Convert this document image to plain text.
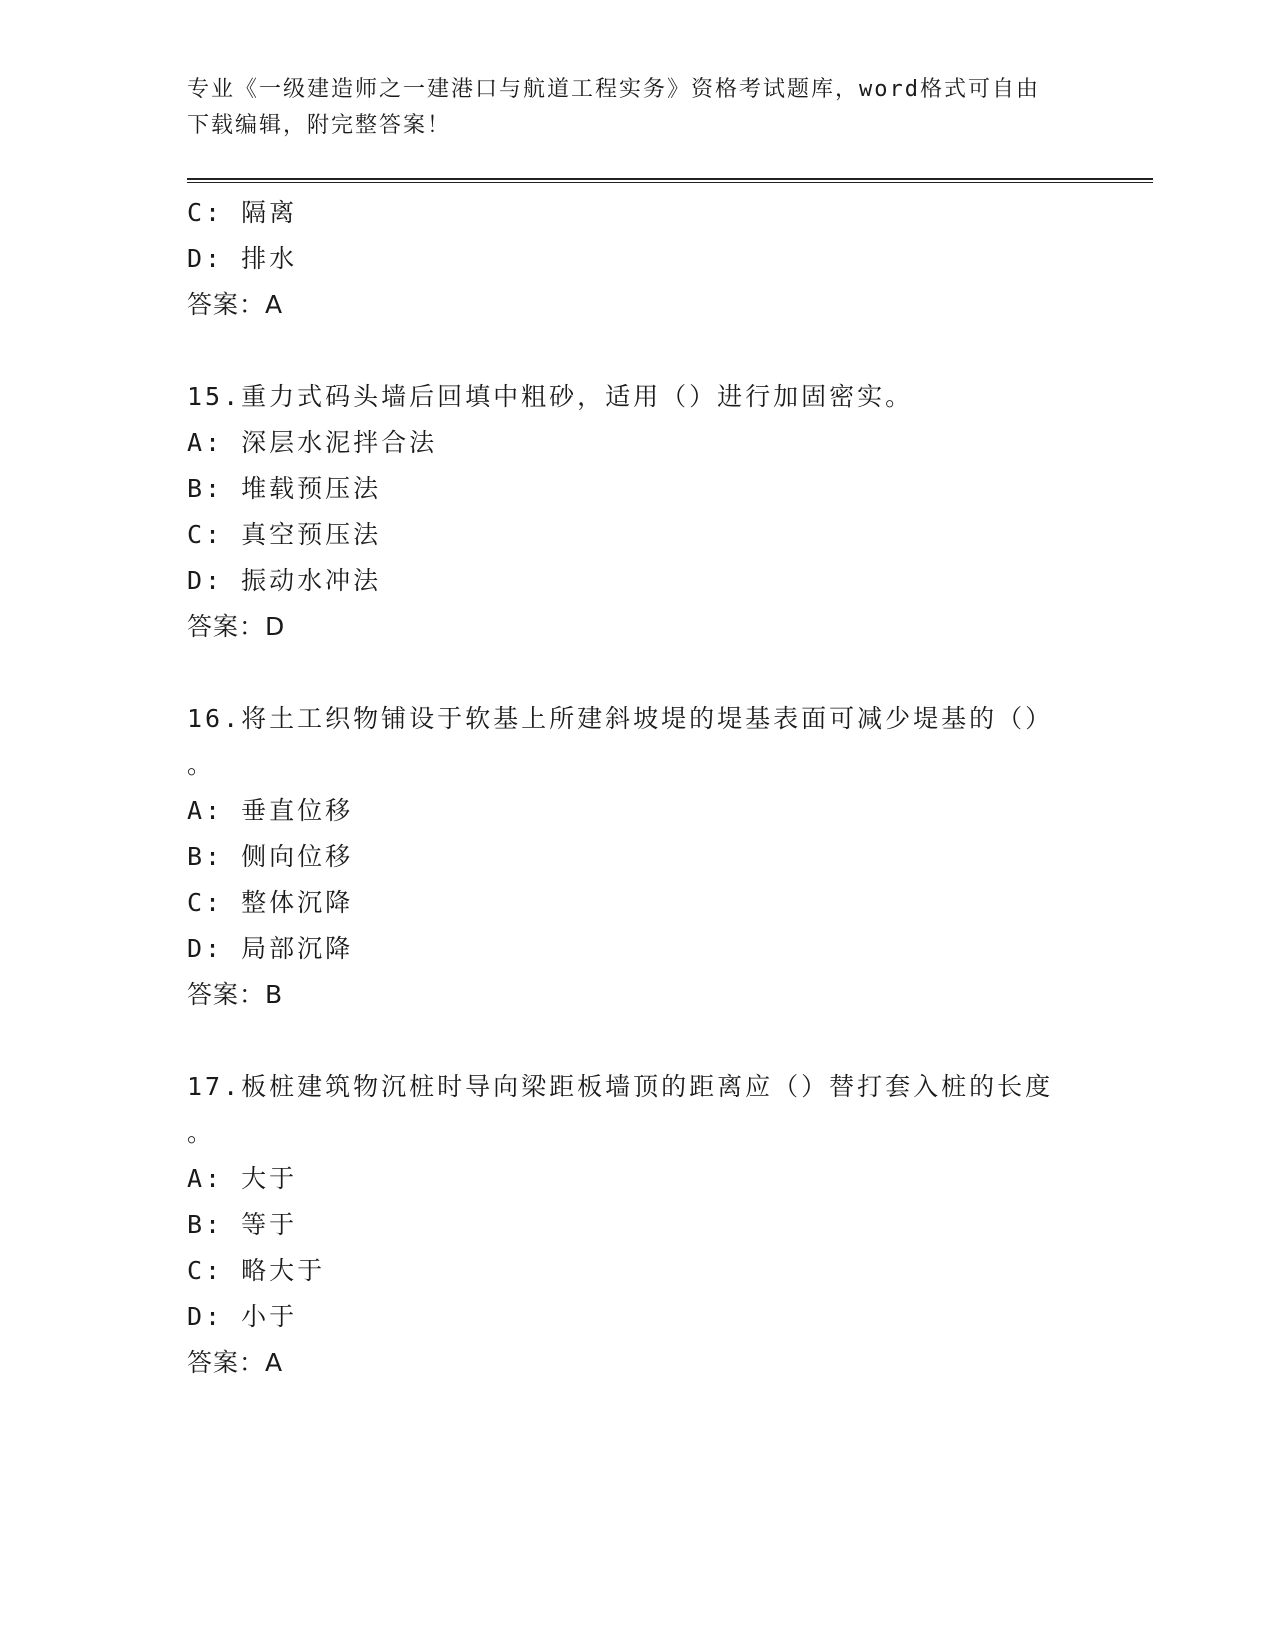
专业《一级建造师之一建港口与航道工程实务》资格考试题库，word格式可自由
下载编辑，附完整答案！
C: 隔离
D: 排水
答案：A
15.重力式码头墙后回填中粗砂，适用（）进行加固密实。
A: 深层水泥拌合法
B: 堆载预压法
C: 真空预压法
D: 振动水冲法
答案：D
16.将土工织物铺设于软基上所建斜坡堤的堤基表面可减少堤基的（）
。
A: 垂直位移
B: 侧向位移
C: 整体沉降
D: 局部沉降
答案：B
17.板桩建筑物沉桩时导向梁距板墙顶的距离应（）替打套入桩的长度
。
A: 大于
B: 等于
C: 略大于
D: 小于
答案：A
